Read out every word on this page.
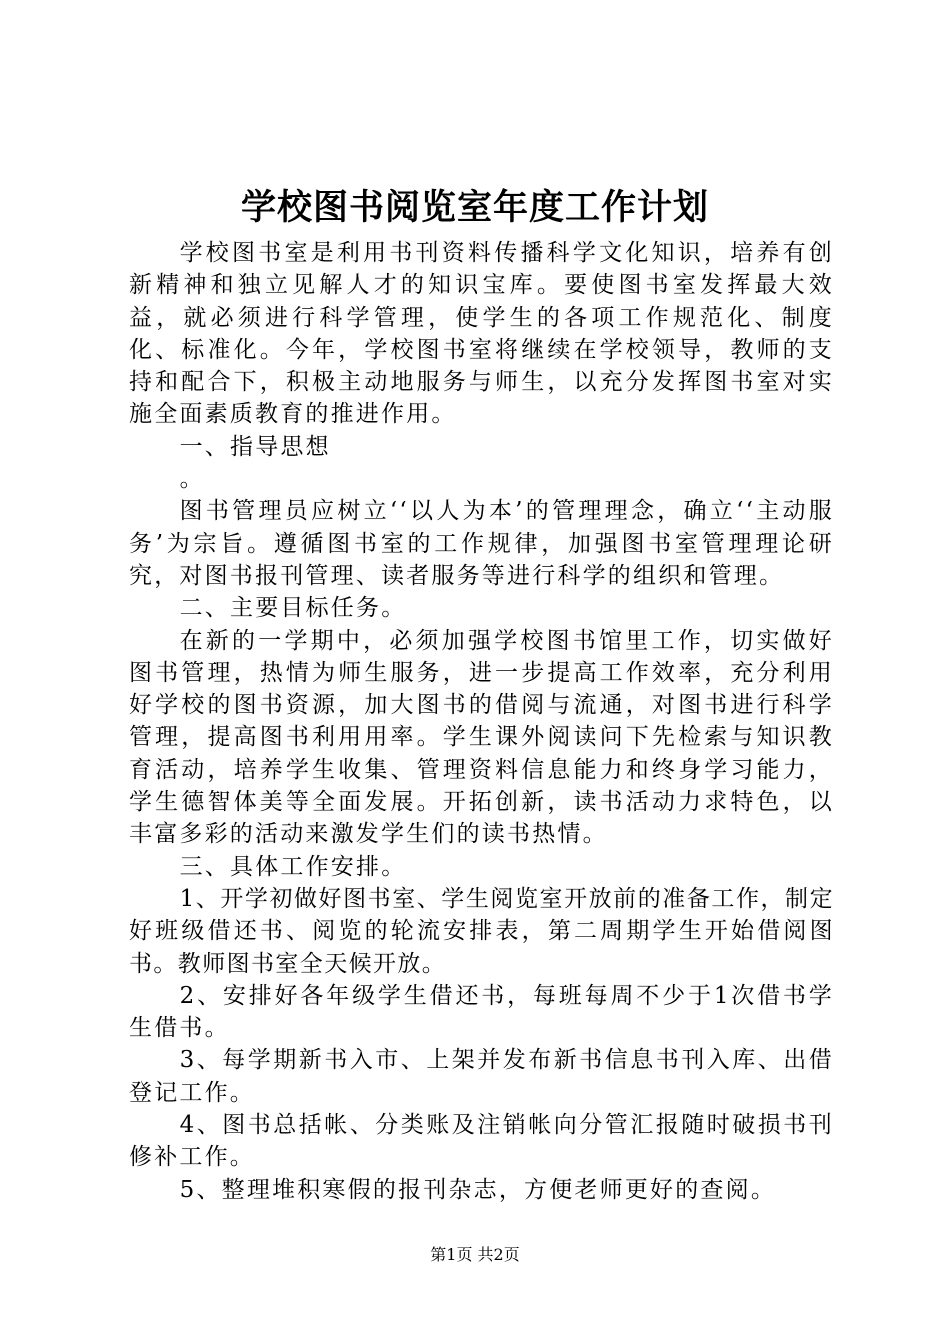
学校图书阅览室年度工作计划

学校图书室是利用书刊资料传播科学文化知识，培养有创新精神和独立见解人才的知识宝库。要使图书室发挥最大效益，就必须进行科学管理，使学生的各项工作规范化、制度化、标准化。今年，学校图书室将继续在学校领导，教师的支持和配合下，积极主动地服务与师生，以充分发挥图书室对实施全面素质教育的推进作用。

一、指导思想

。

图书管理员应树立‘‘以人为本’的管理理念，确立‘‘主动服务’为宗旨。遵循图书室的工作规律，加强图书室管理理论研究，对图书报刊管理、读者服务等进行科学的组织和管理。

二、主要目标任务。

在新的一学期中，必须加强学校图书馆里工作，切实做好图书管理，热情为师生服务，进一步提高工作效率，充分利用好学校的图书资源，加大图书的借阅与流通，对图书进行科学管理，提高图书利用用率。学生课外阅读问下先检索与知识教育活动，培养学生收集、管理资料信息能力和终身学习能力，学生德智体美等全面发展。开拓创新，读书活动力求特色，以丰富多彩的活动来激发学生们的读书热情。

三、具体工作安排。

1、开学初做好图书室、学生阅览室开放前的准备工作，制定好班级借还书、阅览的轮流安排表，第二周期学生开始借阅图书。教师图书室全天候开放。

2、安排好各年级学生借还书，每班每周不少于1次借书学生借书。

3、每学期新书入市、上架并发布新书信息书刊入库、出借登记工作。

4、图书总括帐、分类账及注销帐向分管汇报随时破损书刊修补工作。

5、整理堆积寒假的报刊杂志，方便老师更好的查阅。

第1页 共2页
